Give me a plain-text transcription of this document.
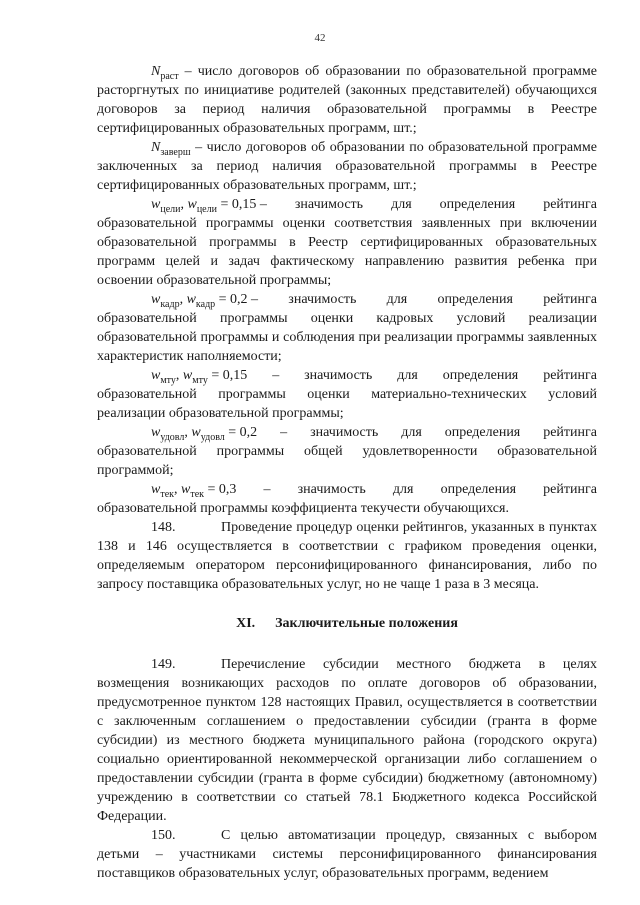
42

$N_{раст}$ – число договоров об образовании по образовательной программе расторгнутых по инициативе родителей (законных представителей) обучающихся договоров за период наличия образовательной программы в Реестре сертифицированных образовательных программ, шт.;

$N_{заверш}$ – число договоров об образовании по образовательной программе заключенных за период наличия образовательной программы в Реестре сертифицированных образовательных программ, шт.;

$w_{цели}$, $w_{цели} = 0,15$ – значимость для определения рейтинга

образовательной программы оценки соответствия заявленных при включении образовательной программы в Реестр сертифицированных образовательных программ целей и задач фактическому направлению развития ребенка при освоении образовательной программы;

$w_{кадр}$, $w_{кадр} = 0,2$ – значимость для определения рейтинга

образовательной программы оценки кадровых условий реализации образовательной программы и соблюдения при реализации программы заявленных характеристик наполняемости;

$w_{мту}$, $w_{мту} = 0,15$ – значимость для определения рейтинга

образовательной программы оценки материально-технических условий реализации образовательной программы;

$w_{удовл}$, $w_{удовл} = 0,2$ – значимость для определения рейтинга

образовательной программы общей удовлетворенности образовательной программой;

$w_{тек}$, $w_{тек} = 0,3$ – значимость для определения рейтинга

образовательной программы коэффициента текучести обучающихся.

148.	Проведение процедур оценки рейтингов, указанных в пунктах 138 и 146 осуществляется в соответствии с графиком проведения оценки, определяемым оператором персонифицированного финансирования, либо по запросу поставщика образовательных услуг, но не чаще 1 раза в 3 месяца.

XI. Заключительные положения

149.	Перечисление субсидии местного бюджета в целях возмещения возникающих расходов по оплате договоров об образовании, предусмотренное пунктом 128 настоящих Правил, осуществляется в соответствии с заключенным соглашением о предоставлении субсидии (гранта в форме субсидии) из местного бюджета муниципального района (городского округа) социально ориентированной некоммерческой организации либо соглашением о предоставлении субсидии (гранта в форме субсидии) бюджетному (автономному) учреждению в соответствии со статьей 78.1 Бюджетного кодекса Российской Федерации.

150.	С целью автоматизации процедур, связанных с выбором детьми – участниками системы персонифицированного финансирования поставщиков образовательных услуг, образовательных программ, ведением
